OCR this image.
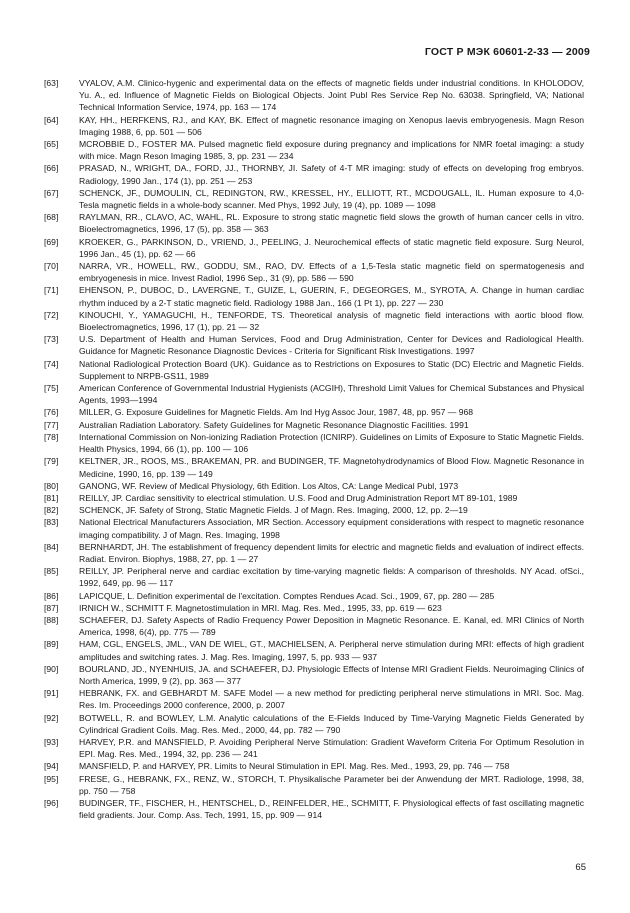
ГОСТ Р МЭК 60601-2-33 — 2009
[63]	VYALOV, A.M. Clinico-hygenic and experimental data on the effects of magnetic fields under industrial conditions. In KHOLODOV, Yu. A., ed. Influence of Magnetic Fields on Biological Objects. Joint Publ Res Service Rep No. 63038. Springfield, VA; National Technical Information Service, 1974, pp. 163 — 174
[64]	KAY, HH., HERFKENS, RJ., and KAY, BK. Effect of magnetic resonance imaging on Xenopus laevis embryogenesis. Magn Reson Imaging 1988, 6, pp. 501 — 506
[65]	MCROBBIE D., FOSTER MA. Pulsed magnetic field exposure during pregnancy and implications for NMR foetal imaging: a study with mice. Magn Reson Imaging 1985, 3, pp. 231 — 234
[66]	PRASAD, N., WRIGHT, DA., FORD, JJ., THORNBY, JI. Safety of 4-T MR imaging: study of effects on developing frog embryos. Radiology, 1990 Jan., 174 (1), pp. 251 — 253
[67]	SCHENCK, JF., DUMOULIN, CL, REDINGTON, RW., KRESSEL, HY., ELLIOTT, RT., MCDOUGALL, IL. Human exposure to 4,0-Tesla magnetic fields in a whole-body scanner. Med Phys, 1992 July, 19 (4), pp. 1089 — 1098
[68]	RAYLMAN, RR., CLAVO, AC, WAHL, RL. Exposure to strong static magnetic field slows the growth of human cancer cells in vitro. Bioelectromagnetics, 1996, 17 (5), pp. 358 — 363
[69]	KROEKER, G., PARKINSON, D., VRIEND, J., PEELING, J. Neurochemical effects of static magnetic field exposure. Surg Neurol, 1996 Jan., 45 (1), pp. 62 — 66
[70]	NARRA, VR., HOWELL, RW., GODDU, SM., RAO, DV. Effects of a 1,5-Tesla static magnetic field on spermatogenesis and embryogenesis in mice. Invest Radiol, 1996 Sep., 31 (9), pp. 586 — 590
[71]	EHENSON, P., DUBOC, D., LAVERGNE, T., GUIZE, L, GUERIN, F., DEGEORGES, M., SYROTA, A. Change in human cardiac rhythm induced by a 2-T static magnetic field. Radiology 1988 Jan., 166 (1 Pt 1), pp. 227 — 230
[72]	KINOUCHI, Y., YAMAGUCHI, H., TENFORDE, TS. Theoretical analysis of magnetic field interactions with aortic blood flow. Bioelectromagnetics, 1996, 17 (1), pp. 21 — 32
[73]	U.S. Department of Health and Human Services, Food and Drug Administration, Center for Devices and Radiological Health. Guidance for Magnetic Resonance Diagnostic Devices - Criteria for Significant Risk Investigations. 1997
[74]	National Radiological Protection Board (UK). Guidance as to Restrictions on Exposures to Static (DC) Electric and Magnetic Fields. Supplement to NRPB-GS11, 1989
[75]	American Conference of Governmental Industrial Hygienists (ACGIH), Threshold Limit Values for Chemical Substances and Physical Agents, 1993—1994
[76]	MILLER, G. Exposure Guidelines for Magnetic Fields. Am Ind Hyg Assoc Jour, 1987, 48, pp. 957 — 968
[77]	Australian Radiation Laboratory. Safety Guidelines for Magnetic Resonance Diagnostic Facilities. 1991
[78]	International Commission on Non-ionizing Radiation Protection (ICNIRP). Guidelines on Limits of Exposure to Static Magnetic Fields. Health Physics, 1994, 66 (1), pp. 100 — 106
[79]	KELTNER, JR., ROOS, MS., BRAKEMAN, PR. and BUDINGER, TF. Magnetohydrodynamics of Blood Flow. Magnetic Resonance in Medicine, 1990, 16, pp. 139 — 149
[80]	GANONG, WF. Review of Medical Physiology, 6th Edition. Los Altos, CA: Lange Medical Publ, 1973
[81]	REILLY, JP. Cardiac sensitivity to electrical stimulation. U.S. Food and Drug Administration Report MT 89-101, 1989
[82]	SCHENCK, JF. Safety of Strong, Static Magnetic Fields. J of Magn. Res. Imaging, 2000, 12, pp. 2—19
[83]	National Electrical Manufacturers Association, MR Section. Accessory equipment considerations with respect to magnetic resonance imaging compatibility. J of Magn. Res. Imaging, 1998
[84]	BERNHARDT, JH. The establishment of frequency dependent limits for electric and magnetic fields and evaluation of indirect effects. Radiat. Environ. Biophys, 1988, 27, pp. 1 — 27
[85]	REILLY, JP. Peripheral nerve and cardiac excitation by time-varying magnetic fields: A comparison of thresholds. NY Acad. ofSci., 1992, 649, pp. 96 — 117
[86]	LAPICQUE, L. Definition experimental de l'excitation. Comptes Rendues Acad. Sci., 1909, 67, pp. 280 — 285
[87]	IRNICH W., SCHMITT F. Magnetostimulation in MRI. Mag. Res. Med., 1995, 33, pp. 619 — 623
[88]	SCHAEFER, DJ. Safety Aspects of Radio Frequency Power Deposition in Magnetic Resonance. E. Kanal, ed. MRI Clinics of North America, 1998, 6(4), pp. 775 — 789
[89]	HAM, CGL, ENGELS, JML., VAN DE WIEL, GT., MACHIELSEN, A. Peripheral nerve stimulation during MRI: effects of high gradient amplitudes and switching rates. J. Mag. Res. Imaging, 1997, 5, pp. 933 — 937
[90]	BOURLAND, JD., NYENHUIS, JA. and SCHAEFER, DJ. Physiologic Effects of Intense MRI Gradient Fields. Neuroimaging Clinics of North America, 1999, 9 (2), pp. 363 — 377
[91]	HEBRANK, FX. and GEBHARDT M. SAFE Model — a new method for predicting peripheral nerve stimulations in MRI. Soc. Mag. Res. Im. Proceedings 2000 conference, 2000, p. 2007
[92]	BOTWELL, R. and BOWLEY, L.M. Analytic calculations of the E-Fields Induced by Time-Varying Magnetic Fields Generated by Cylindrical Gradient Coils. Mag. Res. Med., 2000, 44, pp. 782 — 790
[93]	HARVEY, P.R. and MANSFIELD, P. Avoiding Peripheral Nerve Stimulation: Gradient Waveform Criteria For Optimum Resolution in EPI. Mag. Res. Med., 1994, 32, pp. 236 — 241
[94]	MANSFIELD, P. and HARVEY, PR. Limits to Neural Stimulation in EPI. Mag. Res. Med., 1993, 29, pp. 746 — 758
[95]	FRESE, G., HEBRANK, FX., RENZ, W., STORCH, T. Physikalische Parameter bei der Anwendung der MRT. Radiologe, 1998, 38, pp. 750 — 758
[96]	BUDINGER, TF., FISCHER, H., HENTSCHEL, D., REINFELDER, HE., SCHMITT, F. Physiological effects of fast oscillating magnetic field gradients. Jour. Comp. Ass. Tech, 1991, 15, pp. 909 — 914
65
